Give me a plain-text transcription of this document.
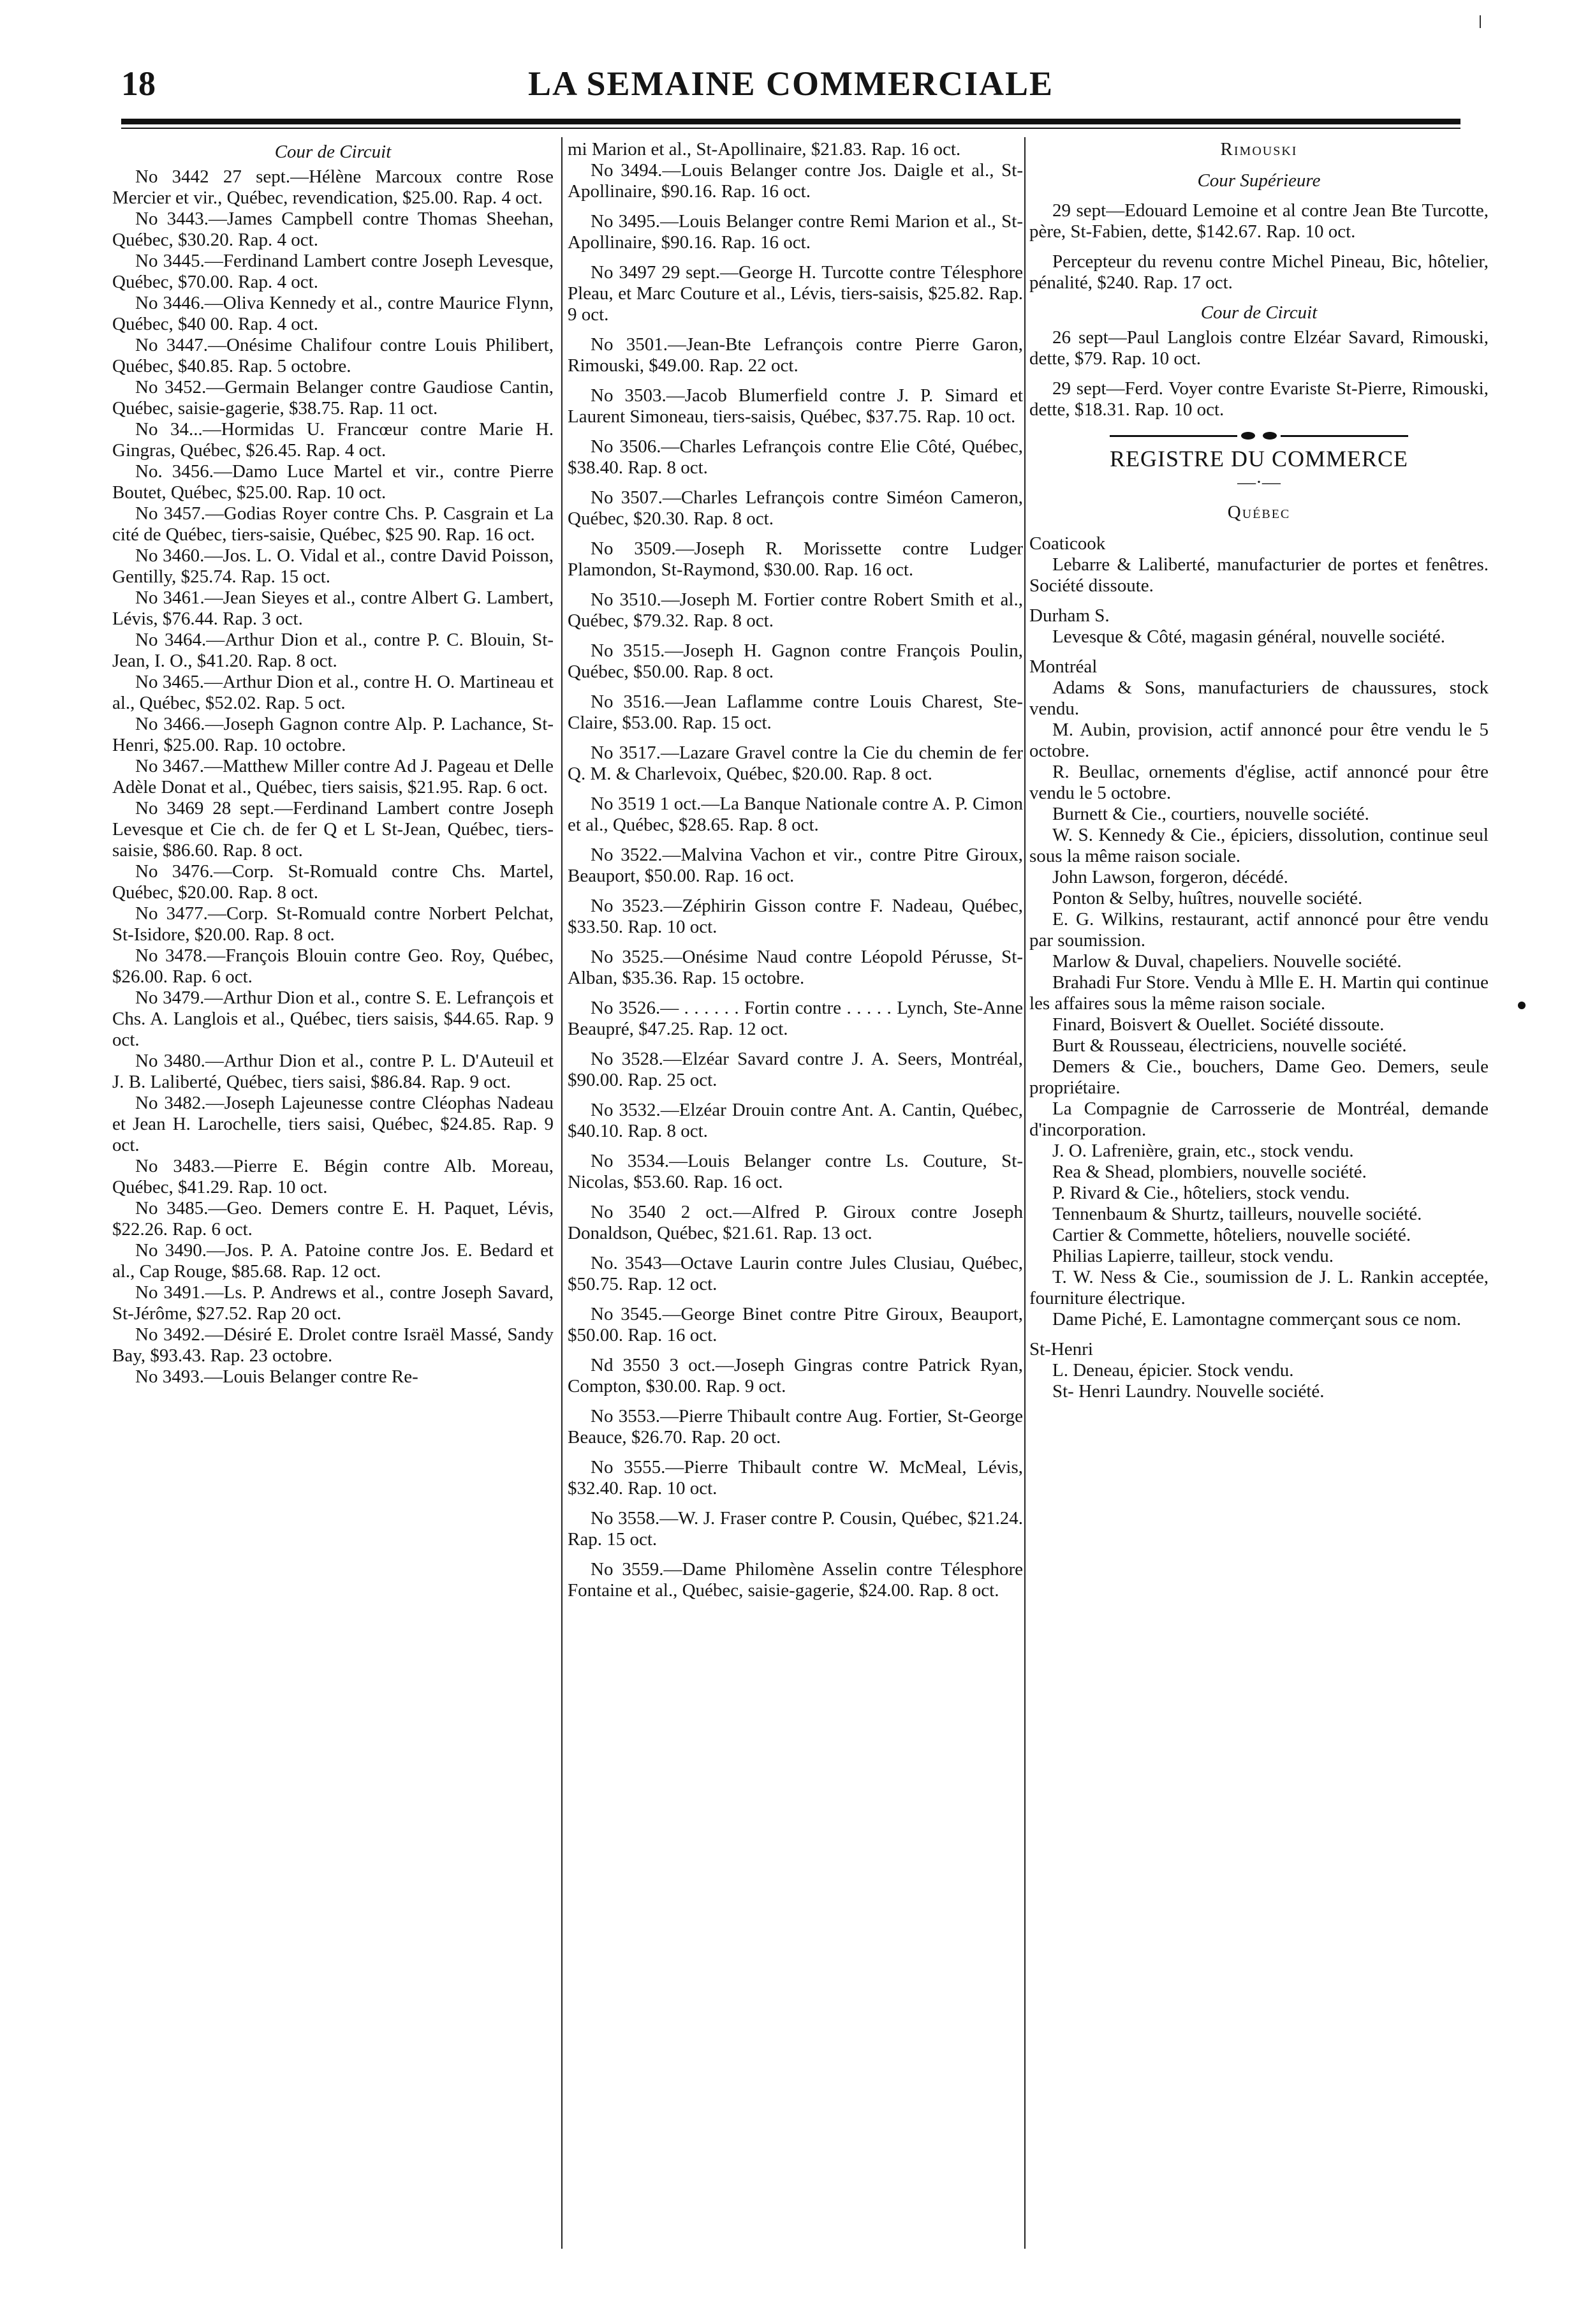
18	LA SEMAINE COMMERCIALE

Cour de Circuit

No 3442 27 sept.—Hélène Marcoux contre Rose Mercier et vir., Québec, revendication, $25.00. Rap. 4 oct.

No 3443.—James Campbell contre Thomas Sheehan, Québec, $30.20. Rap. 4 oct.

No 3445.—Ferdinand Lambert contre Joseph Levesque, Québec, $70.00. Rap. 4 oct.

No 3446.—Oliva Kennedy et al., contre Maurice Flynn, Québec, $40 00. Rap. 4 oct.

No 3447.—Onésime Chalifour contre Louis Philibert, Québec, $40.85. Rap. 5 octobre.

No 3452.—Germain Belanger contre Gaudiose Cantin, Québec, saisie-gagerie, $38.75. Rap. 11 oct.

No 34...—Hormidas U. Francœur contre Marie H. Gingras, Québec, $26.45. Rap. 4 oct.

No. 3456.—Damo Luce Martel et vir., contre Pierre Boutet, Québec, $25.00. Rap. 10 oct.

No 3457.—Godias Royer contre Chs. P. Casgrain et La cité de Québec, tiers-saisie, Québec, $25 90. Rap. 16 oct.

No 3460.—Jos. L. O. Vidal et al., contre David Poisson, Gentilly, $25.74. Rap. 15 oct.

No 3461.—Jean Sieyes et al., contre Albert G. Lambert, Lévis, $76.44. Rap. 3 oct.

No 3464.—Arthur Dion et al., contre P. C. Blouin, St-Jean, I. O., $41.20. Rap. 8 oct.

No 3465.—Arthur Dion et al., contre H. O. Martineau et al., Québec, $52.02. Rap. 5 oct.

No 3466.—Joseph Gagnon contre Alp. P. Lachance, St-Henri, $25.00. Rap. 10 octobre.

No 3467.—Matthew Miller contre Ad J. Pageau et Delle Adèle Donat et al., Québec, tiers saisis, $21.95. Rap. 6 oct.

No 3469 28 sept.—Ferdinand Lambert contre Joseph Levesque et Cie ch. de fer Q et L St-Jean, Québec, tiers-saisie, $86.60. Rap. 8 oct.

No 3476.—Corp. St-Romuald contre Chs. Martel, Québec, $20.00. Rap. 8 oct.

No 3477.—Corp. St-Romuald contre Norbert Pelchat, St-Isidore, $20.00. Rap. 8 oct.

No 3478.—François Blouin contre Geo. Roy, Québec, $26.00. Rap. 6 oct.

No 3479.—Arthur Dion et al., contre S. E. Lefrançois et Chs. A. Langlois et al., Québec, tiers saisis, $44.65. Rap. 9 oct.

No 3480.—Arthur Dion et al., contre P. L. D'Auteuil et J. B. Laliberté, Québec, tiers saisi, $86.84. Rap. 9 oct.

No 3482.—Joseph Lajeunesse contre Cléophas Nadeau et Jean H. Larochelle, tiers saisi, Québec, $24.85. Rap. 9 oct.

No 3483.—Pierre E. Bégin contre Alb. Moreau, Québec, $41.29. Rap. 10 oct.

No 3485.—Geo. Demers contre E. H. Paquet, Lévis, $22.26. Rap. 6 oct.

No 3490.—Jos. P. A. Patoine contre Jos. E. Bedard et al., Cap Rouge, $85.68. Rap. 12 oct.

No 3491.—Ls. P. Andrews et al., contre Joseph Savard, St-Jérôme, $27.52. Rap 20 oct.

No 3492.—Désiré E. Drolet contre Israël Massé, Sandy Bay, $93.43. Rap. 23 octobre.

No 3493.—Louis Belanger contre Re-

mi Marion et al., St-Apollinaire, $21.83. Rap. 16 oct.

No 3494.—Louis Belanger contre Jos. Daigle et al., St-Apollinaire, $90.16. Rap. 16 oct.

No 3495.—Louis Belanger contre Remi Marion et al., St-Apollinaire, $90.16. Rap. 16 oct.

No 3497 29 sept.—George H. Turcotte contre Télesphore Pleau, et Marc Couture et al., Lévis, tiers-saisis, $25.82. Rap. 9 oct.

No 3501.—Jean-Bte Lefrançois contre Pierre Garon, Rimouski, $49.00. Rap. 22 oct.

No 3503.—Jacob Blumerfield contre J. P. Simard et Laurent Simoneau, tiers-saisis, Québec, $37.75. Rap. 10 oct.

No 3506.—Charles Lefrançois contre Elie Côté, Québec, $38.40. Rap. 8 oct.

No 3507.—Charles Lefrançois contre Siméon Cameron, Québec, $20.30. Rap. 8 oct.

No 3509.—Joseph R. Morissette contre Ludger Plamondon, St-Raymond, $30.00. Rap. 16 oct.

No 3510.—Joseph M. Fortier contre Robert Smith et al., Québec, $79.32. Rap. 8 oct.

No 3515.—Joseph H. Gagnon contre François Poulin, Québec, $50.00. Rap. 8 oct.

No 3516.—Jean Laflamme contre Louis Charest, Ste-Claire, $53.00. Rap. 15 oct.

No 3517.—Lazare Gravel contre la Cie du chemin de fer Q. M. & Charlevoix, Québec, $20.00. Rap. 8 oct.

No 3519 1 oct.—La Banque Nationale contre A. P. Cimon et al., Québec, $28.65. Rap. 8 oct.

No 3522.—Malvina Vachon et vir., contre Pitre Giroux, Beauport, $50.00. Rap. 16 oct.

No 3523.—Zéphirin Gisson contre F. Nadeau, Québec, $33.50. Rap. 10 oct.

No 3525.—Onésime Naud contre Léopold Pérusse, St-Alban, $35.36. Rap. 15 octobre.

No 3526.— . . . . . . Fortin contre . . . . . Lynch, Ste-Anne Beaupré, $47.25. Rap. 12 oct.

No 3528.—Elzéar Savard contre J. A. Seers, Montréal, $90.00. Rap. 25 oct.

No 3532.—Elzéar Drouin contre Ant. A. Cantin, Québec, $40.10. Rap. 8 oct.

No 3534.—Louis Belanger contre Ls. Couture, St-Nicolas, $53.60. Rap. 16 oct.

No 3540 2 oct.—Alfred P. Giroux contre Joseph Donaldson, Québec, $21.61. Rap. 13 oct.

No. 3543—Octave Laurin contre Jules Clusiau, Québec, $50.75. Rap. 12 oct.

No 3545.—George Binet contre Pitre Giroux, Beauport, $50.00. Rap. 16 oct.

Nd 3550 3 oct.—Joseph Gingras contre Patrick Ryan, Compton, $30.00. Rap. 9 oct.

No 3553.—Pierre Thibault contre Aug. Fortier, St-George Beauce, $26.70. Rap. 20 oct.

No 3555.—Pierre Thibault contre W. McMeal, Lévis, $32.40. Rap. 10 oct.

No 3558.—W. J. Fraser contre P. Cousin, Québec, $21.24. Rap. 15 oct.

No 3559.—Dame Philomène Asselin contre Télesphore Fontaine et al., Québec, saisie-gagerie, $24.00. Rap. 8 oct.

Rimouski

Cour Supérieure

29 sept—Edouard Lemoine et al contre Jean Bte Turcotte, père, St-Fabien, dette, $142.67. Rap. 10 oct.

Percepteur du revenu contre Michel Pineau, Bic, hôtelier, pénalité, $240. Rap. 17 oct.

Cour de Circuit

26 sept—Paul Langlois contre Elzéar Savard, Rimouski, dette, $79. Rap. 10 oct.

29 sept—Ferd. Voyer contre Evariste St-Pierre, Rimouski, dette, $18.31. Rap. 10 oct.

REGISTRE DU COMMERCE

—·—

Québec

Coaticook

Lebarre & Laliberté, manufacturier de portes et fenêtres. Société dissoute.

Durham S.

Levesque & Côté, magasin général, nouvelle société.

Montréal

Adams & Sons, manufacturiers de chaussures, stock vendu.

M. Aubin, provision, actif annoncé pour être vendu le 5 octobre.

R. Beullac, ornements d'église, actif annoncé pour être vendu le 5 octobre.

Burnett & Cie., courtiers, nouvelle société.

W. S. Kennedy & Cie., épiciers, dissolution, continue seul sous la même raison sociale.

John Lawson, forgeron, décédé.

Ponton & Selby, huîtres, nouvelle société.

E. G. Wilkins, restaurant, actif annoncé pour être vendu par soumission.

Marlow & Duval, chapeliers. Nouvelle société.

Brahadi Fur Store. Vendu à Mlle E. H. Martin qui continue les affaires sous la même raison sociale.

Finard, Boisvert & Ouellet. Société dissoute.

Burt & Rousseau, électriciens, nouvelle société.

Demers & Cie., bouchers, Dame Geo. Demers, seule propriétaire.

La Compagnie de Carrosserie de Montréal, demande d'incorporation.

J. O. Lafrenière, grain, etc., stock vendu.

Rea & Shead, plombiers, nouvelle société.

P. Rivard & Cie., hôteliers, stock vendu.

Tennenbaum & Shurtz, tailleurs, nouvelle société.

Cartier & Commette, hôteliers, nouvelle société.

Philias Lapierre, tailleur, stock vendu.

T. W. Ness & Cie., soumission de J. L. Rankin acceptée, fourniture électrique.

Dame Piché, E. Lamontagne commerçant sous ce nom.

St-Henri

L. Deneau, épicier. Stock vendu.

St- Henri Laundry. Nouvelle société.
